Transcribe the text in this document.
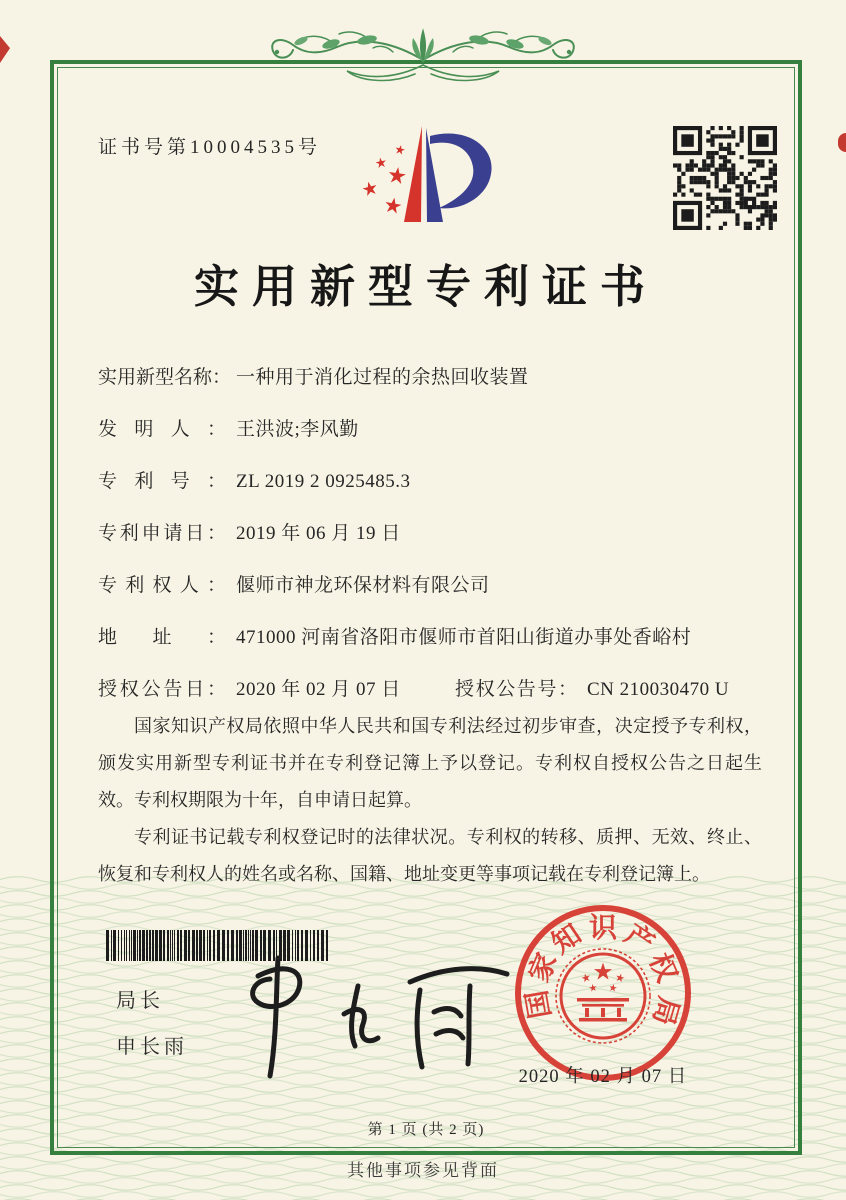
证书号第10004535号
实用新型专利证书
实用新型名称： 一种用于消化过程的余热回收装置
发明人： 王洪波;李风勤
专利号： ZL 2019 2 0925485.3
专利申请日： 2019 年 06 月 19 日
专利权人： 偃师市神龙环保材料有限公司
地址： 471000 河南省洛阳市偃师市首阳山街道办事处香峪村
授权公告日： 2020 年 02 月 07 日	授权公告号： CN 210030470 U

国家知识产权局依照中华人民共和国专利法经过初步审查，决定授予专利权，颁发实用新型专利证书并在专利登记簿上予以登记。专利权自授权公告之日起生效。专利权期限为十年，自申请日起算。

专利证书记载专利权登记时的法律状况。专利权的转移、质押、无效、终止、恢复和专利权人的姓名或名称、国籍、地址变更等事项记载在专利登记簿上。

局长
申长雨
国
家
知 识 产
权
局
2020 年 02 月 07 日
第 1 页 (共 2 页)
其他事项参见背面
